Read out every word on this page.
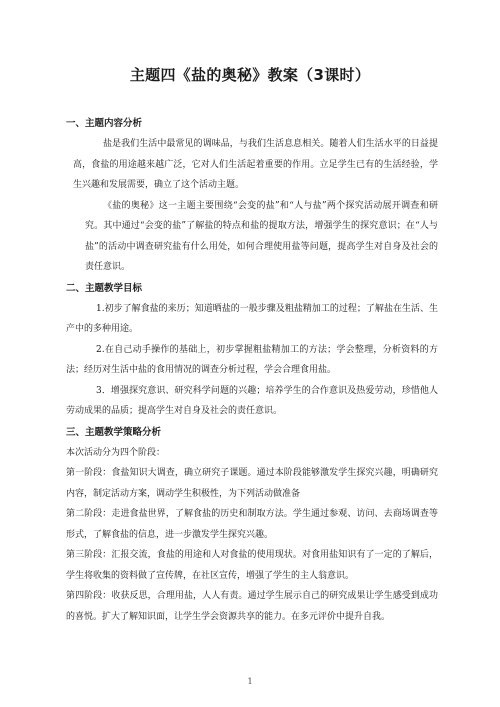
主题四《盐的奥秘》教案（3课时）

一、主题内容分析

盐是我们生活中最常见的调味品，与我们生活息息相关。随着人们生活水平的日益提高，食盐的用途越来越广泛，它对人们生活起着重要的作用。立足学生已有的生活经验，学生兴趣和发展需要，确立了这个活动主题。

《盐的奥秘》这一主题主要围绕“会变的盐”和“人与盐”两个探究活动展开调查和研究。其中通过“会变的盐”了解盐的特点和盐的提取方法，增强学生的探究意识；在“人与盐”的活动中调查研究盐有什么用处，如何合理使用盐等问题，提高学生对自身及社会的责任意识。

二、主题教学目标

1.初步了解食盐的来历；知道晒盐的一般步骤及粗盐精加工的过程；了解盐在生活、生产中的多种用途。

2.在自己动手操作的基础上，初步掌握粗盐精加工的方法；学会整理，分析资料的方法；经历对生活中盐的食用情况的调查分析过程，学会合理食用盐。

3．增强探究意识、研究科学问题的兴趣；培养学生的合作意识及热爱劳动，珍惜他人劳动成果的品质；提高学生对自身及社会的责任意识。

三、主题教学策略分析

本次活动分为四个阶段：

第一阶段：食盐知识大调查，确立研究子课题。通过本阶段能够激发学生探究兴趣，明确研究内容，制定活动方案，调动学生积极性，为下列活动做准备

第二阶段：走进食盐世界，了解食盐的历史和制取方法。学生通过参观、访问、去商场调查等形式，了解食盐的信息，进一步激发学生探究兴趣。

第三阶段：汇报交流，食盐的用途和人对食盐的使用现状。对食用盐知识有了一定的了解后，学生将收集的资料做了宣传牌，在社区宣传，增强了学生的主人翁意识。

第四阶段：收获反思，合理用盐，人人有责。通过学生展示自己的研究成果让学生感受到成功的喜悦。扩大了解知识面，让学生学会资源共享的能力。在多元评价中提升自我。

1
